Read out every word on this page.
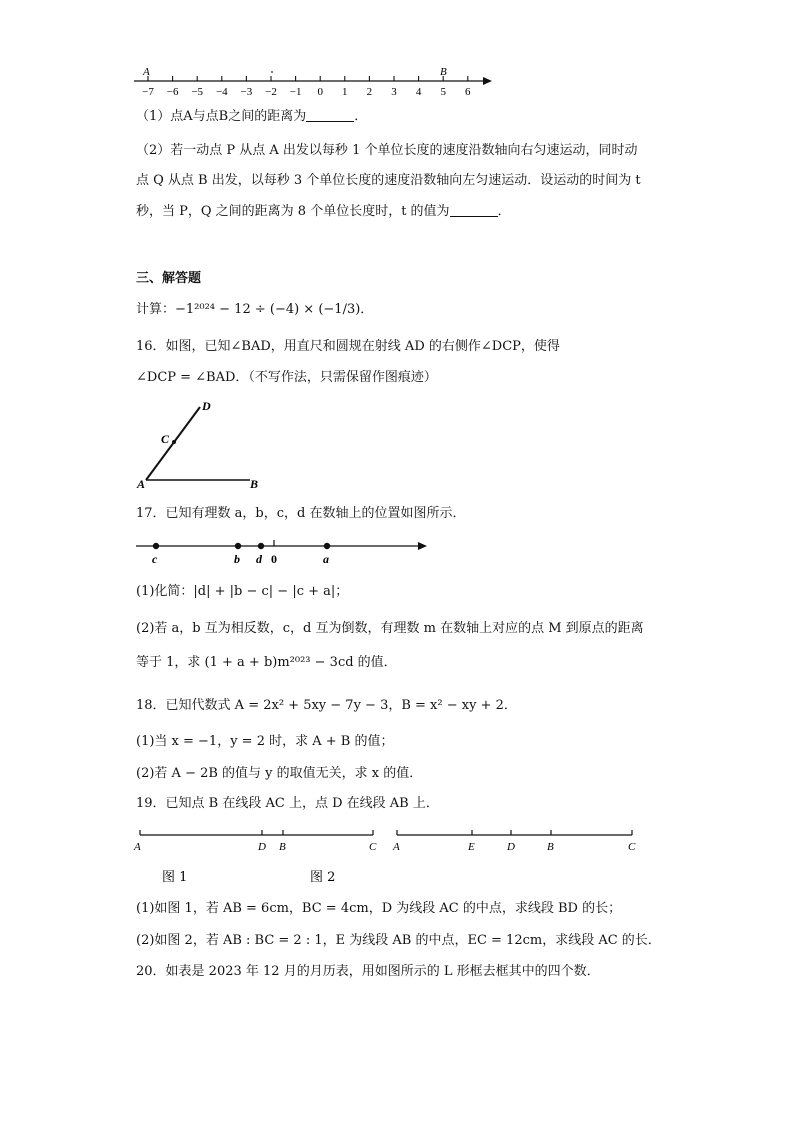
−7 −6 −5 −4 −3 −2 −1 0 1 2 3 4 5 6
A	B
（1）点A与点B之间的距离为	．
（2）若一动点 P 从点 A 出发以每秒 1 个单位长度的速度沿数轴向右匀速运动，同时动
点 Q 从点 B 出发，以每秒 3 个单位长度的速度沿数轴向左匀速运动．设运动的时间为 t
秒，当 P，Q 之间的距离为 8 个单位长度时，t 的值为	．
三、解答题
计算：−1²⁰²⁴ − 12 ÷ (−4) × (−1/3)．
16．如图，已知∠BAD，用直尺和圆规在射线 AD 的右侧作∠DCP，使得
∠DCP = ∠BAD．（不写作法，只需保留作图痕迹）
D
C
A	B
17．已知有理数 a，b，c，d 在数轴上的位置如图所示．
c	b d 0	a
(1)化简：|d| + |b − c| − |c + a|；
(2)若 a，b 互为相反数，c，d 互为倒数，有理数 m 在数轴上对应的点 M 到原点的距离
等于 1，求 (1 + a + b)m²⁰²³ − 3cd 的值．
18．已知代数式 A = 2x² + 5xy − 7y − 3，B = x² − xy + 2．
(1)当 x = −1，y = 2 时，求 A + B 的值；
(2)若 A − 2B 的值与 y 的取值无关，求 x 的值．
19．已知点 B 在线段 AC 上，点 D 在线段 AB 上．
A	D B	C A	E	D	B	C
图 1	图 2
(1)如图 1，若 AB = 6cm，BC = 4cm，D 为线段 AC 的中点，求线段 BD 的长；
(2)如图 2，若 AB : BC = 2 : 1，E 为线段 AB 的中点，EC = 12cm，求线段 AC 的长．
20．如表是 2023 年 12 月的月历表，用如图所示的 L 形框去框其中的四个数．
